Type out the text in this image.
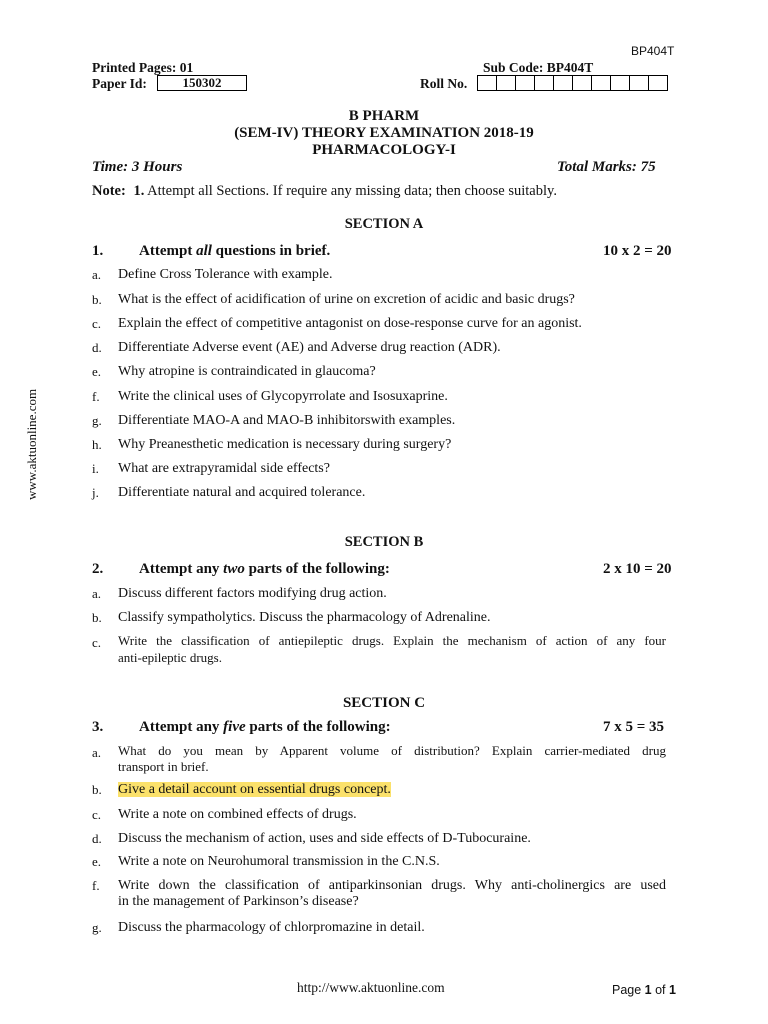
BP404T
Printed Pages: 01	Sub Code: BP404T
Paper Id:	150302	Roll No.
B PHARM
(SEM-IV) THEORY EXAMINATION 2018-19
PHARMACOLOGY-I
Time: 3 Hours	Total Marks: 75
Note: 1. Attempt all Sections. If require any missing data; then choose suitably.
www.aktuonline.com
SECTION A
1. Attempt all questions in brief.	10 x 2 = 20
a. Define Cross Tolerance with example.
b. What is the effect of acidification of urine on excretion of acidic and basic drugs?
c. Explain the effect of competitive antagonist on dose-response curve for an agonist.
d. Differentiate Adverse event (AE) and Adverse drug reaction (ADR).
e. Why atropine is contraindicated in glaucoma?
f. Write the clinical uses of Glycopyrrolate and Isosuxaprine.
g. Differentiate MAO-A and MAO-B inhibitorswith examples.
h. Why Preanesthetic medication is necessary during surgery?
i. What are extrapyramidal side effects?
j. Differentiate natural and acquired tolerance.
SECTION B
2. Attempt any two parts of the following:	2 x 10 = 20
a. Discuss different factors modifying drug action.
b. Classify sympatholytics. Discuss the pharmacology of Adrenaline.
c. Write the classification of antiepileptic drugs. Explain the mechanism of action of any four
anti-epileptic drugs.
SECTION C
3. Attempt any five parts of the following:	7 x 5 = 35
a. What do you mean by Apparent volume of distribution? Explain carrier-mediated drug
transport in brief.
b. Give a detail account on essential drugs concept.
c. Write a note on combined effects of drugs.
d. Discuss the mechanism of action, uses and side effects of D-Tubocuraine.
e. Write a note on Neurohumoral transmission in the C.N.S.
f. Write down the classification of antiparkinsonian drugs. Why anti-cholinergics are used
in the management of Parkinson’s disease?
g. Discuss the pharmacology of chlorpromazine in detail.
http://www.aktuonline.com	Page 1 of 1
